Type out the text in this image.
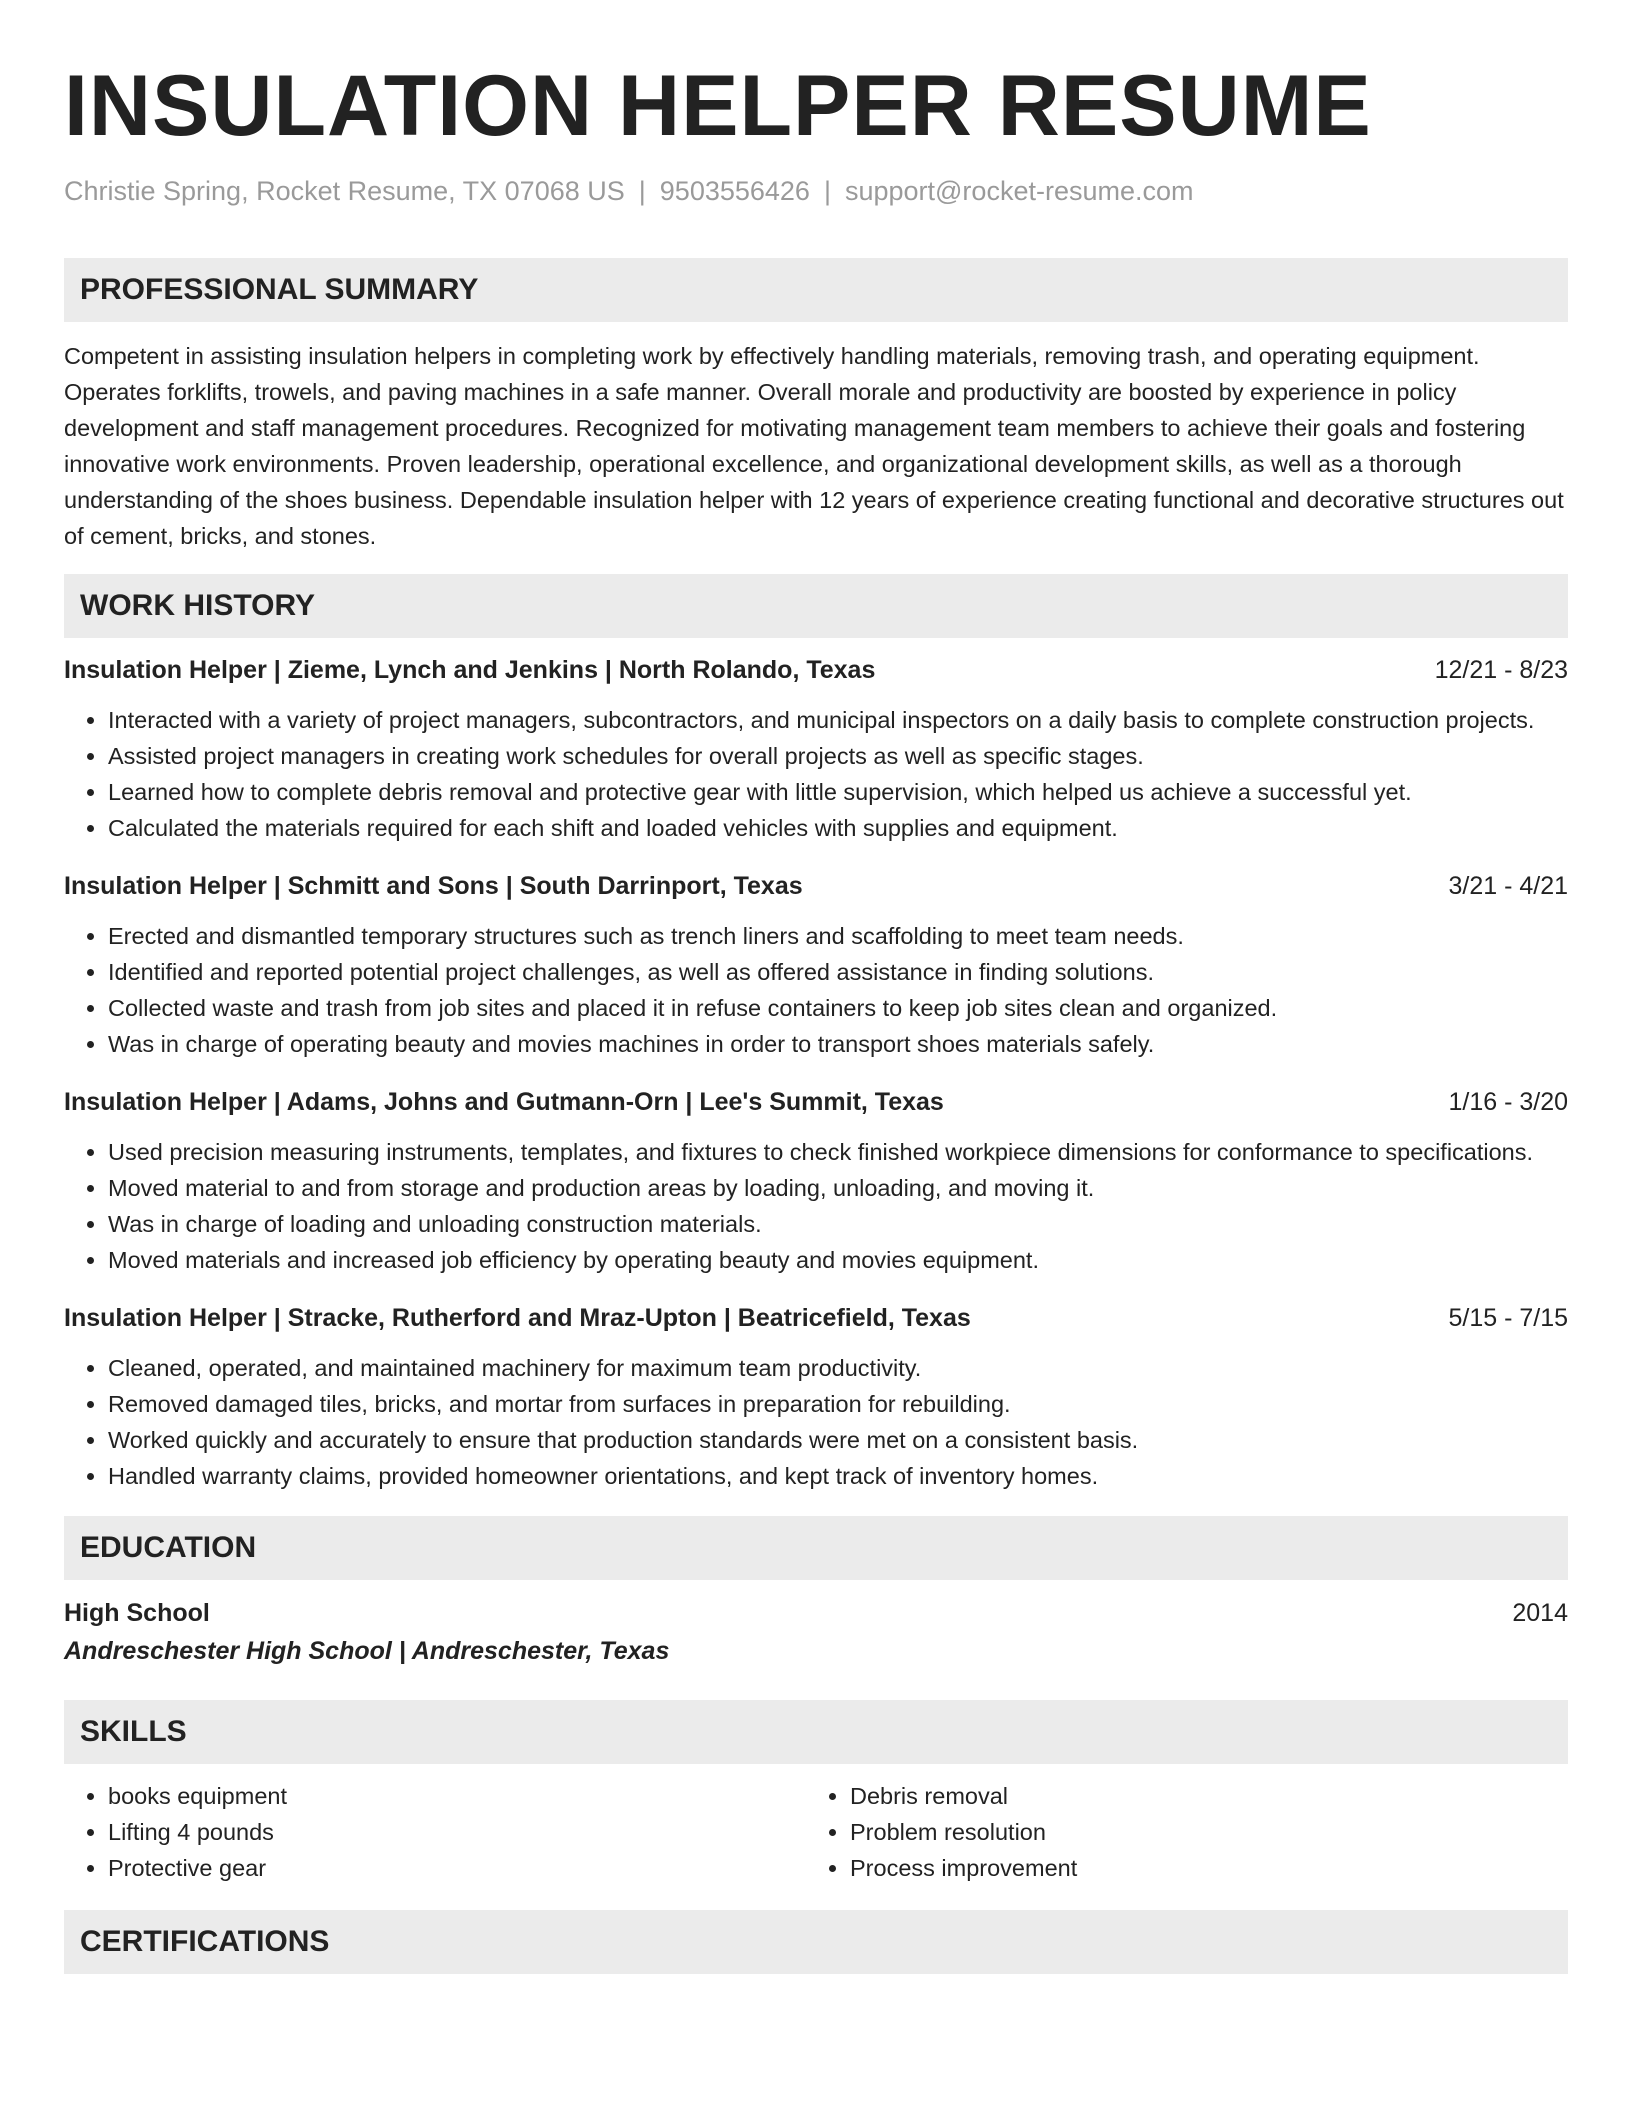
INSULATION HELPER RESUME
Christie Spring, Rocket Resume, TX 07068 US | 9503556426 | support@rocket-resume.com
PROFESSIONAL SUMMARY
Competent in assisting insulation helpers in completing work by effectively handling materials, removing trash, and operating equipment. Operates forklifts, trowels, and paving machines in a safe manner. Overall morale and productivity are boosted by experience in policy development and staff management procedures. Recognized for motivating management team members to achieve their goals and fostering innovative work environments. Proven leadership, operational excellence, and organizational development skills, as well as a thorough understanding of the shoes business. Dependable insulation helper with 12 years of experience creating functional and decorative structures out of cement, bricks, and stones.
WORK HISTORY
Insulation Helper | Zieme, Lynch and Jenkins | North Rolando, Texas	12/21 - 8/23
• Interacted with a variety of project managers, subcontractors, and municipal inspectors on a daily basis to complete construction projects.
• Assisted project managers in creating work schedules for overall projects as well as specific stages.
• Learned how to complete debris removal and protective gear with little supervision, which helped us achieve a successful yet.
• Calculated the materials required for each shift and loaded vehicles with supplies and equipment.
Insulation Helper | Schmitt and Sons | South Darrinport, Texas	3/21 - 4/21
• Erected and dismantled temporary structures such as trench liners and scaffolding to meet team needs.
• Identified and reported potential project challenges, as well as offered assistance in finding solutions.
• Collected waste and trash from job sites and placed it in refuse containers to keep job sites clean and organized.
• Was in charge of operating beauty and movies machines in order to transport shoes materials safely.
Insulation Helper | Adams, Johns and Gutmann-Orn | Lee's Summit, Texas	1/16 - 3/20
• Used precision measuring instruments, templates, and fixtures to check finished workpiece dimensions for conformance to specifications.
• Moved material to and from storage and production areas by loading, unloading, and moving it.
• Was in charge of loading and unloading construction materials.
• Moved materials and increased job efficiency by operating beauty and movies equipment.
Insulation Helper | Stracke, Rutherford and Mraz-Upton | Beatricefield, Texas	5/15 - 7/15
• Cleaned, operated, and maintained machinery for maximum team productivity.
• Removed damaged tiles, bricks, and mortar from surfaces in preparation for rebuilding.
• Worked quickly and accurately to ensure that production standards were met on a consistent basis.
• Handled warranty claims, provided homeowner orientations, and kept track of inventory homes.
EDUCATION
High School	2014
Andreschester High School | Andreschester, Texas
SKILLS
• books equipment
• Lifting 4 pounds
• Protective gear
• Debris removal
• Problem resolution
• Process improvement
CERTIFICATIONS
